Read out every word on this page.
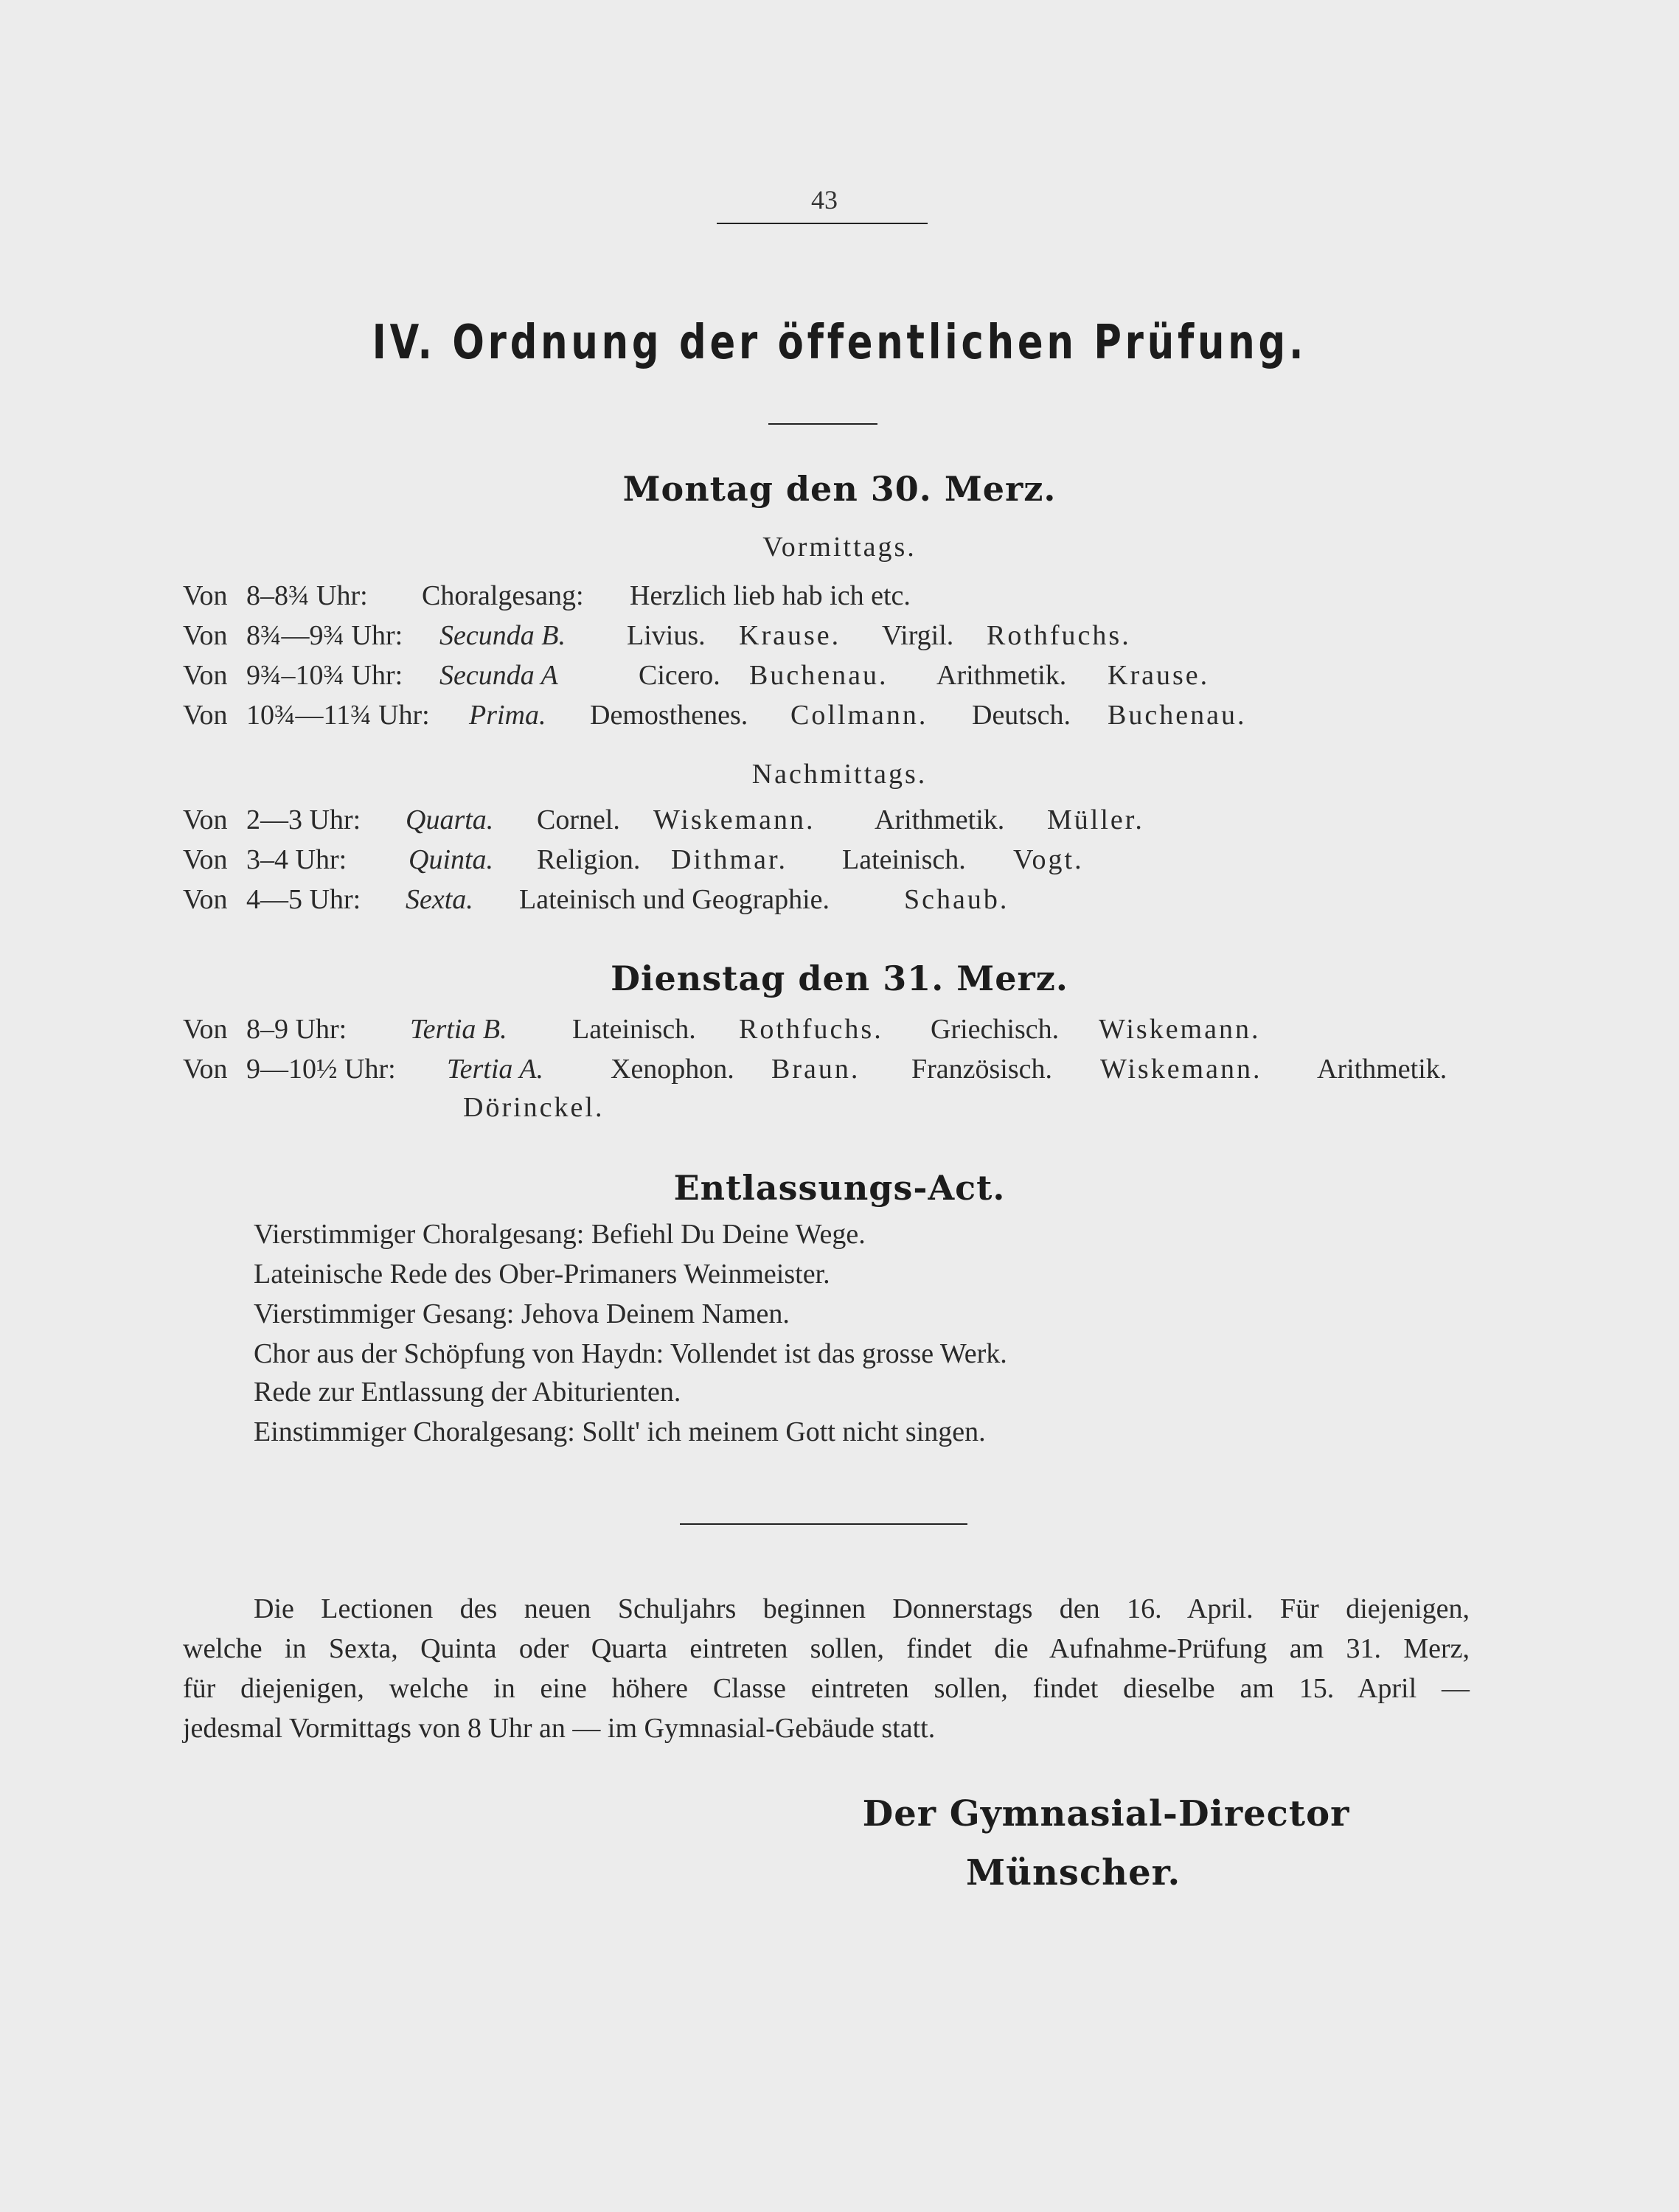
43
IV. Ordnung der öffentlichen Prüfung.
Montag den 30. Merz.
Vormittags.
Von 8–8¾ Uhr: Choralgesang: Herzlich lieb hab ich etc.
Von 8¾—9¾ Uhr: Secunda B. Livius. Krause. Virgil. Rothfuchs.
Von 9¾–10¾ Uhr: Secunda A	Cicero. Buchenau. Arithmetik. Krause.
Von 10¾—11¾ Uhr: Prima. Demosthenes. Collmann. Deutsch. Buchenau.
Nachmittags.
Von 2—3 Uhr: Quarta. Cornel. Wiskemann. Arithmetik. Müller.
Von 3–4 Uhr: Quinta. Religion. Dithmar. Lateinisch. Vogt.
Von 4—5 Uhr: Sexta. Lateinisch und Geographie.	Schaub.
Dienstag den 31. Merz.
Von 8–9 Uhr: Tertia B. Lateinisch. Rothfuchs. Griechisch. Wiskemann.
Von 9—10½ Uhr: Tertia A. Xenophon. Braun. Französisch. Wiskemann. Arithmetik.
Dörinckel.
Entlassungs-Act.
Vierstimmiger Choralgesang: Befiehl Du Deine Wege.
Lateinische Rede des Ober-Primaners Weinmeister.
Vierstimmiger Gesang: Jehova Deinem Namen.
Chor aus der Schöpfung von Haydn: Vollendet ist das grosse Werk.
Rede zur Entlassung der Abiturienten.
Einstimmiger Choralgesang: Sollt' ich meinem Gott nicht singen.
Die Lectionen des neuen Schuljahrs beginnen Donnerstags den 16. April. Für diejenigen,
welche in Sexta, Quinta oder Quarta eintreten sollen, findet die Aufnahme-Prüfung am 31. Merz,
für diejenigen, welche in eine höhere Classe eintreten sollen, findet dieselbe am 15. April —
jedesmal Vormittags von 8 Uhr an — im Gymnasial-Gebäude statt.
Der Gymnasial-Director
Münscher.
